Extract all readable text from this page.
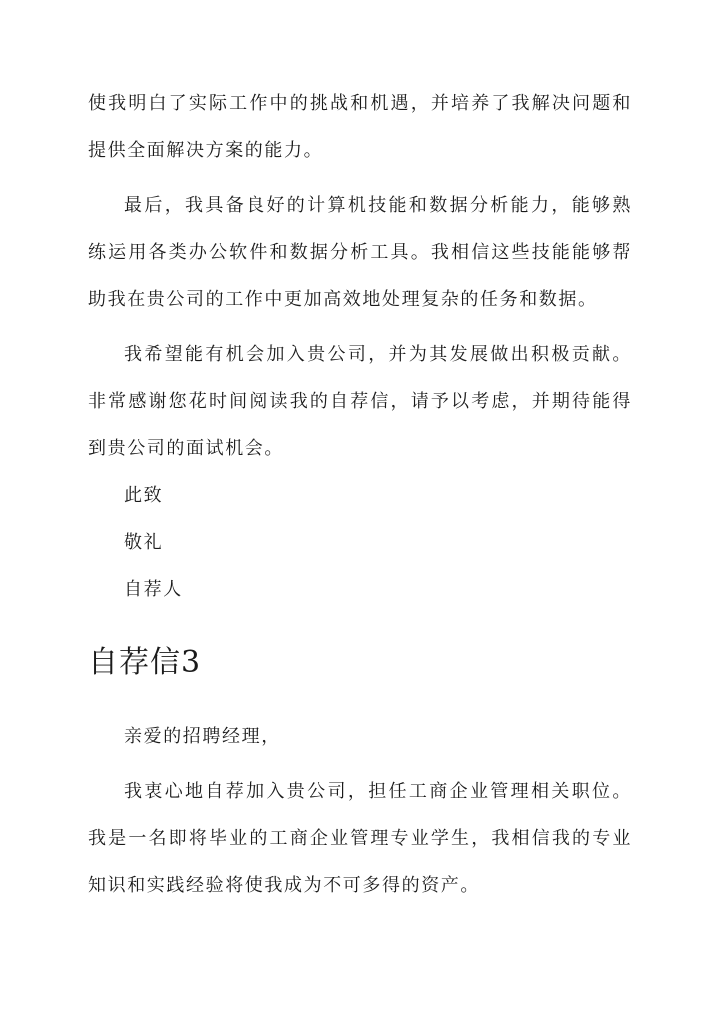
使我明白了实际工作中的挑战和机遇，并培养了我解决问题和提供全面解决方案的能力。

最后，我具备良好的计算机技能和数据分析能力，能够熟练运用各类办公软件和数据分析工具。我相信这些技能能够帮助我在贵公司的工作中更加高效地处理复杂的任务和数据。

我希望能有机会加入贵公司，并为其发展做出积极贡献。非常感谢您花时间阅读我的自荐信，请予以考虑，并期待能得到贵公司的面试机会。

此致

敬礼

自荐人

自荐信3

亲爱的招聘经理，

我衷心地自荐加入贵公司，担任工商企业管理相关职位。我是一名即将毕业的工商企业管理专业学生，我相信我的专业知识和实践经验将使我成为不可多得的资产。
